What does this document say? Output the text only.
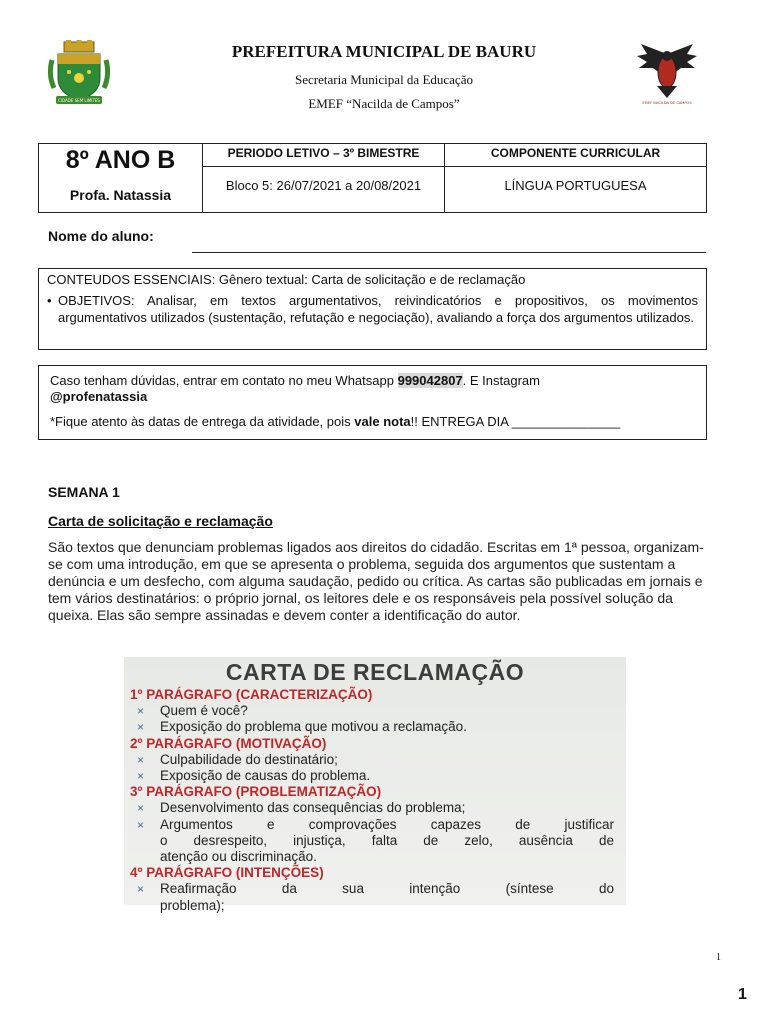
CIDADE SEM LIMITES	EMEF NACILDA DE CAMPOS
PREFEITURA MUNICIPAL DE BAURU
Secretaria Municipal da Educação
EMEF “Nacilda de Campos”
8º ANO B
Profa. Natassia
PERIODO LETIVO – 3º BIMESTRE
Bloco 5: 26/07/2021 a 20/08/2021
COMPONENTE CURRICULAR
LÍNGUA PORTUGUESA
Nome do aluno:
CONTEUDOS ESSENCIAIS: Gênero textual: Carta de solicitação e de reclamação
• OBJETIVOS: Analisar, em textos argumentativos, reivindicatórios e propositivos, os movimentos argumentativos utilizados (sustentação, refutação e negociação), avaliando a força dos argumentos utilizados.
Caso tenham dúvidas, entrar em contato no meu Whatsapp 999042807. E Instagram
@profenatassia
*Fique atento às datas de entrega da atividade, pois vale nota!! ENTREGA DIA _______________
SEMANA 1
Carta de solicitação e reclamação
São textos que denunciam problemas ligados aos direitos do cidadão. Escritas em 1ª pessoa, organizam-se com uma introdução, em que se apresenta o problema, seguida dos argumentos que sustentam a denúncia e um desfecho, com alguma saudação, pedido ou crítica. As cartas são publicadas em jornais e tem vários destinatários: o próprio jornal, os leitores dele e os responsáveis pela possível solução da queixa. Elas são sempre assinadas e devem conter a identificação do autor.
CARTA DE RECLAMAÇÃO
1º PARÁGRAFO (CARACTERIZAÇÃO)
× Quem é você?
× Exposição do problema que motivou a reclamação.
2º PARÁGRAFO (MOTIVAÇÃO)
× Culpabilidade do destinatário;
× Exposição de causas do problema.
3º PARÁGRAFO (PROBLEMATIZAÇÃO)
× Desenvolvimento das consequências do problema;
× Argumentos e comprovações capazes de justificar
o desrespeito, injustiça, falta de zelo, ausência de
atenção ou discriminação.
4º PARÁGRAFO (INTENÇÕES)
× Reafirmação da sua intenção (síntese do
problema);
1
1
